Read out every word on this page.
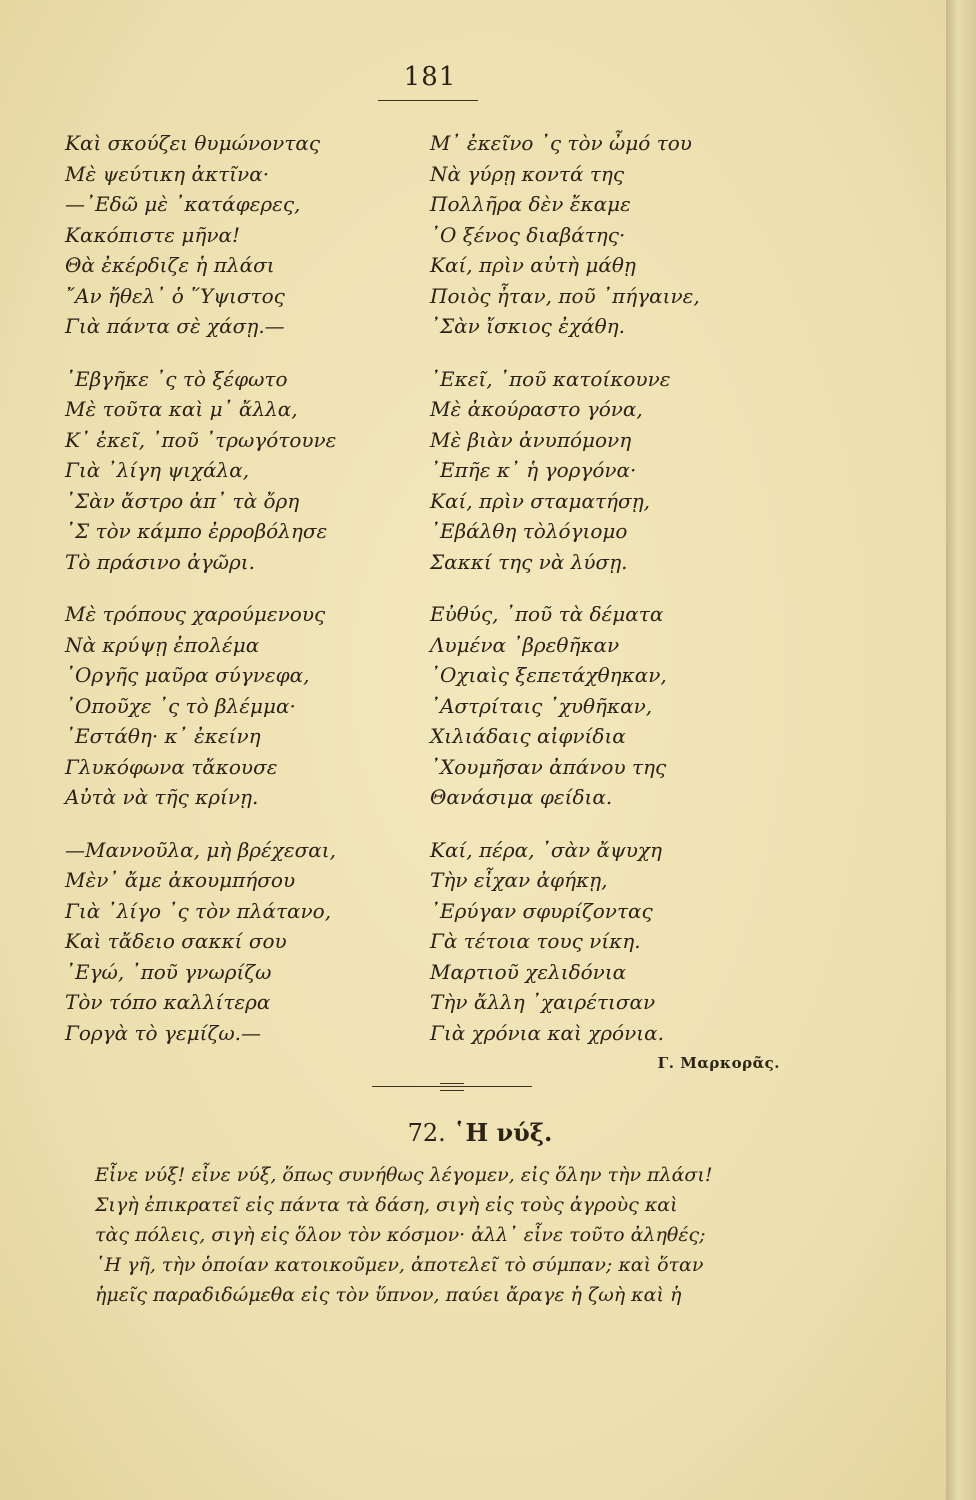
181
Καὶ σκούζει θυμώνοντας
Μὲ ψεύτικη ἀκτῖνα·
—᾿Εδῶ μὲ ᾿κατάφερες,
Κακόπιστε μῆνα!
Θὰ ἐκέρδιζε ἡ πλάσι
῎Αν ἤθελ᾿ ὁ ῞Υψιστος
Γιὰ πάντα σὲ χάσῃ.—
᾿Εβγῆκε ᾿ς τὸ ξέφωτο
Μὲ τοῦτα καὶ μ᾿ ἄλλα,
Κ᾿ ἐκεῖ, ᾿ποῦ ᾿τρωγότουνε
Γιὰ ᾿λίγη ψιχάλα,
᾿Σὰν ἄστρο ἀπ᾿ τὰ ὄρη
᾿Σ τὸν κάμπο ἐρροβόλησε
Τὸ πράσινο ἀγῶρι.
Μὲ τρόπους χαρούμενους
Νὰ κρύψῃ ἐπολέμα
᾿Οργῆς μαῦρα σύγνεφα,
᾿Οποῦχε ᾿ς τὸ βλέμμα·
᾿Εστάθη· κ᾿ ἐκείνη
Γλυκόφωνα τἄκουσε
Αὐτὰ νὰ τῆς κρίνῃ.
—Μαννοῦλα, μὴ βρέχεσαι,
Μὲν᾿ ἄμε ἀκουμπήσου
Γιὰ ᾿λίγο ᾿ς τὸν πλάτανο,
Καὶ τἄδειο σακκί σου
᾿Εγώ, ᾿ποῦ γνωρίζω
Τὸν τόπο καλλίτερα
Γοργὰ τὸ γεμίζω.—
Μ᾿ ἐκεῖνο ᾿ς τὸν ὦμό του
Νὰ γύρῃ κοντά της
Πολλῆρα δὲν ἔκαμε
᾿Ο ξένος διαβάτης·
Καί, πρὶν αὐτὴ μάθῃ
Ποιὸς ἦταν, ποῦ ᾿πήγαινε,
᾿Σὰν ἴσκιος ἐχάθη.
᾿Εκεῖ, ᾿ποῦ κατοίκουνε
Μὲ ἀκούραστο γόνα,
Μὲ βιὰν ἀνυπόμονη
᾿Επῆε κ᾿ ἡ γοργόνα·
Καί, πρὶν σταματήσῃ,
᾿Εβάλθη τὸλόγιομο
Σακκί της νὰ λύσῃ.
Εὐθύς, ᾿ποῦ τὰ δέματα
Λυμένα ᾿βρεθῆκαν
᾿Οχιαὶς ξεπετάχθηκαν,
᾿Αστρίταις ᾿χυθῆκαν,
Χιλιάδαις αἰφνίδια
᾿Χουμῆσαν ἀπάνου της
Θανάσιμα φείδια.
Καί, πέρα, ᾿σὰν ἄψυχη
Τὴν εἶχαν ἀφήκῃ,
᾿Ερύγαν σφυρίζοντας
Γὰ τέτοια τους νίκη.
Μαρτιοῦ χελιδόνια
Τὴν ἄλλη ᾿χαιρέτισαν
Γιὰ χρόνια καὶ χρόνια.
Γ. Μαρκορᾶς.
72. ῾Η νύξ.
Εἶνε νύξ! εἶνε νύξ, ὅπως συνήθως λέγομεν, εἰς ὅλην τὴν πλάσι!
Σιγὴ ἐπικρατεῖ εἰς πάντα τὰ δάση, σιγὴ εἰς τοὺς ἀγροὺς καὶ
τὰς πόλεις, σιγὴ εἰς ὅλον τὸν κόσμον· ἀλλ᾿ εἶνε τοῦτο ἀληθές;
῾Η γῆ, τὴν ὁποίαν κατοικοῦμεν, ἀποτελεῖ τὸ σύμπαν; καὶ ὅταν
ἡμεῖς παραδιδώμεθα εἰς τὸν ὕπνον, παύει ἄραγε ἡ ζωὴ καὶ ἡ
